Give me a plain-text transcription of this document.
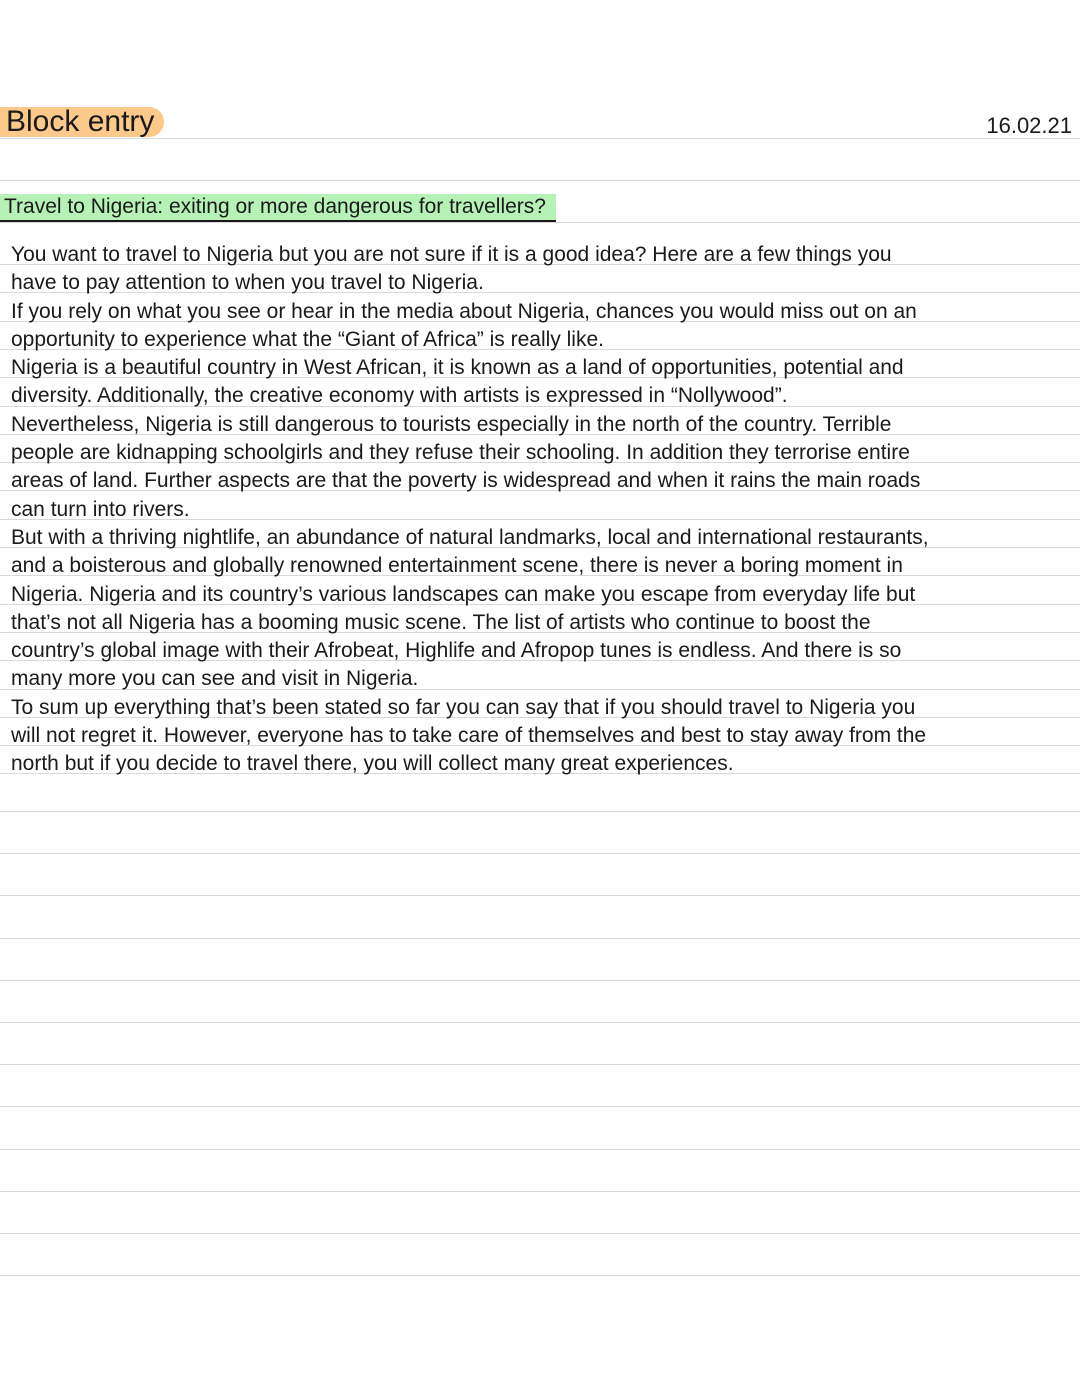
Block entry	16.02.21
Travel to Nigeria: exiting or more dangerous for travellers?
You want to travel to Nigeria but you are not sure if it is a good idea? Here are a few things you
have to pay attention to when you travel to Nigeria.
If you rely on what you see or hear in the media about Nigeria, chances you would miss out on an
opportunity to experience what the “Giant of Africa” is really like.
Nigeria is a beautiful country in West African, it is known as a land of opportunities, potential and
diversity. Additionally, the creative economy with artists is expressed in “Nollywood”.
Nevertheless, Nigeria is still dangerous to tourists especially in the north of the country. Terrible
people are kidnapping schoolgirls and they refuse their schooling. In addition they terrorise entire
areas of land. Further aspects are that the poverty is widespread and when it rains the main roads
can turn into rivers.
But with a thriving nightlife, an abundance of natural landmarks, local and international restaurants,
and a boisterous and globally renowned entertainment scene, there is never a boring moment in
Nigeria. Nigeria and its country’s various landscapes can make you escape from everyday life but
that’s not all Nigeria has a booming music scene. The list of artists who continue to boost the
country’s global image with their Afrobeat, Highlife and Afropop tunes is endless. And there is so
many more you can see and visit in Nigeria.
To sum up everything that’s been stated so far you can say that if you should travel to Nigeria you
will not regret it. However, everyone has to take care of themselves and best to stay away from the
north but if you decide to travel there, you will collect many great experiences.
